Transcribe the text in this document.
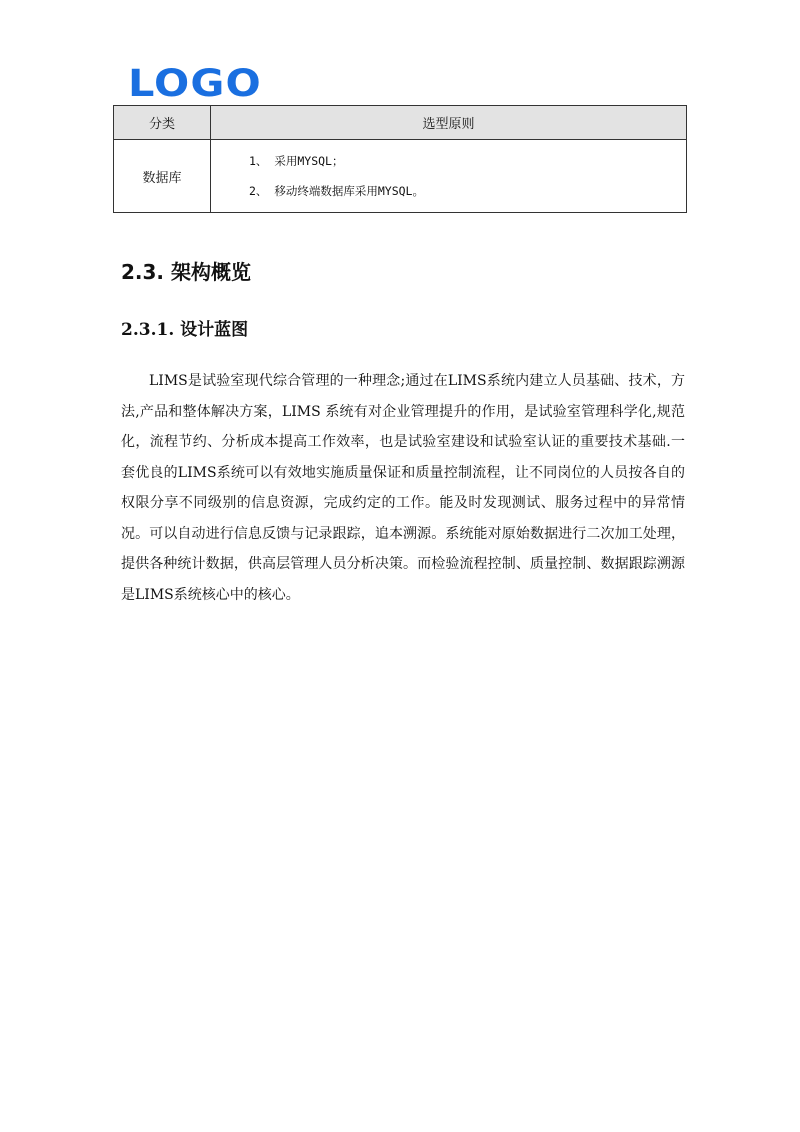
LOGO
分类	选型原则
数据库	1、 采用MYSQL；
2、 移动终端数据库采用MYSQL。
2.3. 架构概览
2.3.1. 设计蓝图

LIMS是试验室现代综合管理的一种理念;通过在LIMS系统内建立人员基础、技术，方法,产品和整体解决方案，LIMS 系统有对企业管理提升的作用，是试验室管理科学化,规范化，流程节约、分析成本提高工作效率，也是试验室建设和试验室认证的重要技术基础.一套优良的LIMS系统可以有效地实施质量保证和质量控制流程，让不同岗位的人员按各自的权限分享不同级别的信息资源，完成约定的工作。能及时发现测试、服务过程中的异常情况。可以自动进行信息反馈与记录跟踪，追本溯源。系统能对原始数据进行二次加工处理，提供各种统计数据，供高层管理人员分析决策。而检验流程控制、质量控制、数据跟踪溯源是LIMS系统核心中的核心。
